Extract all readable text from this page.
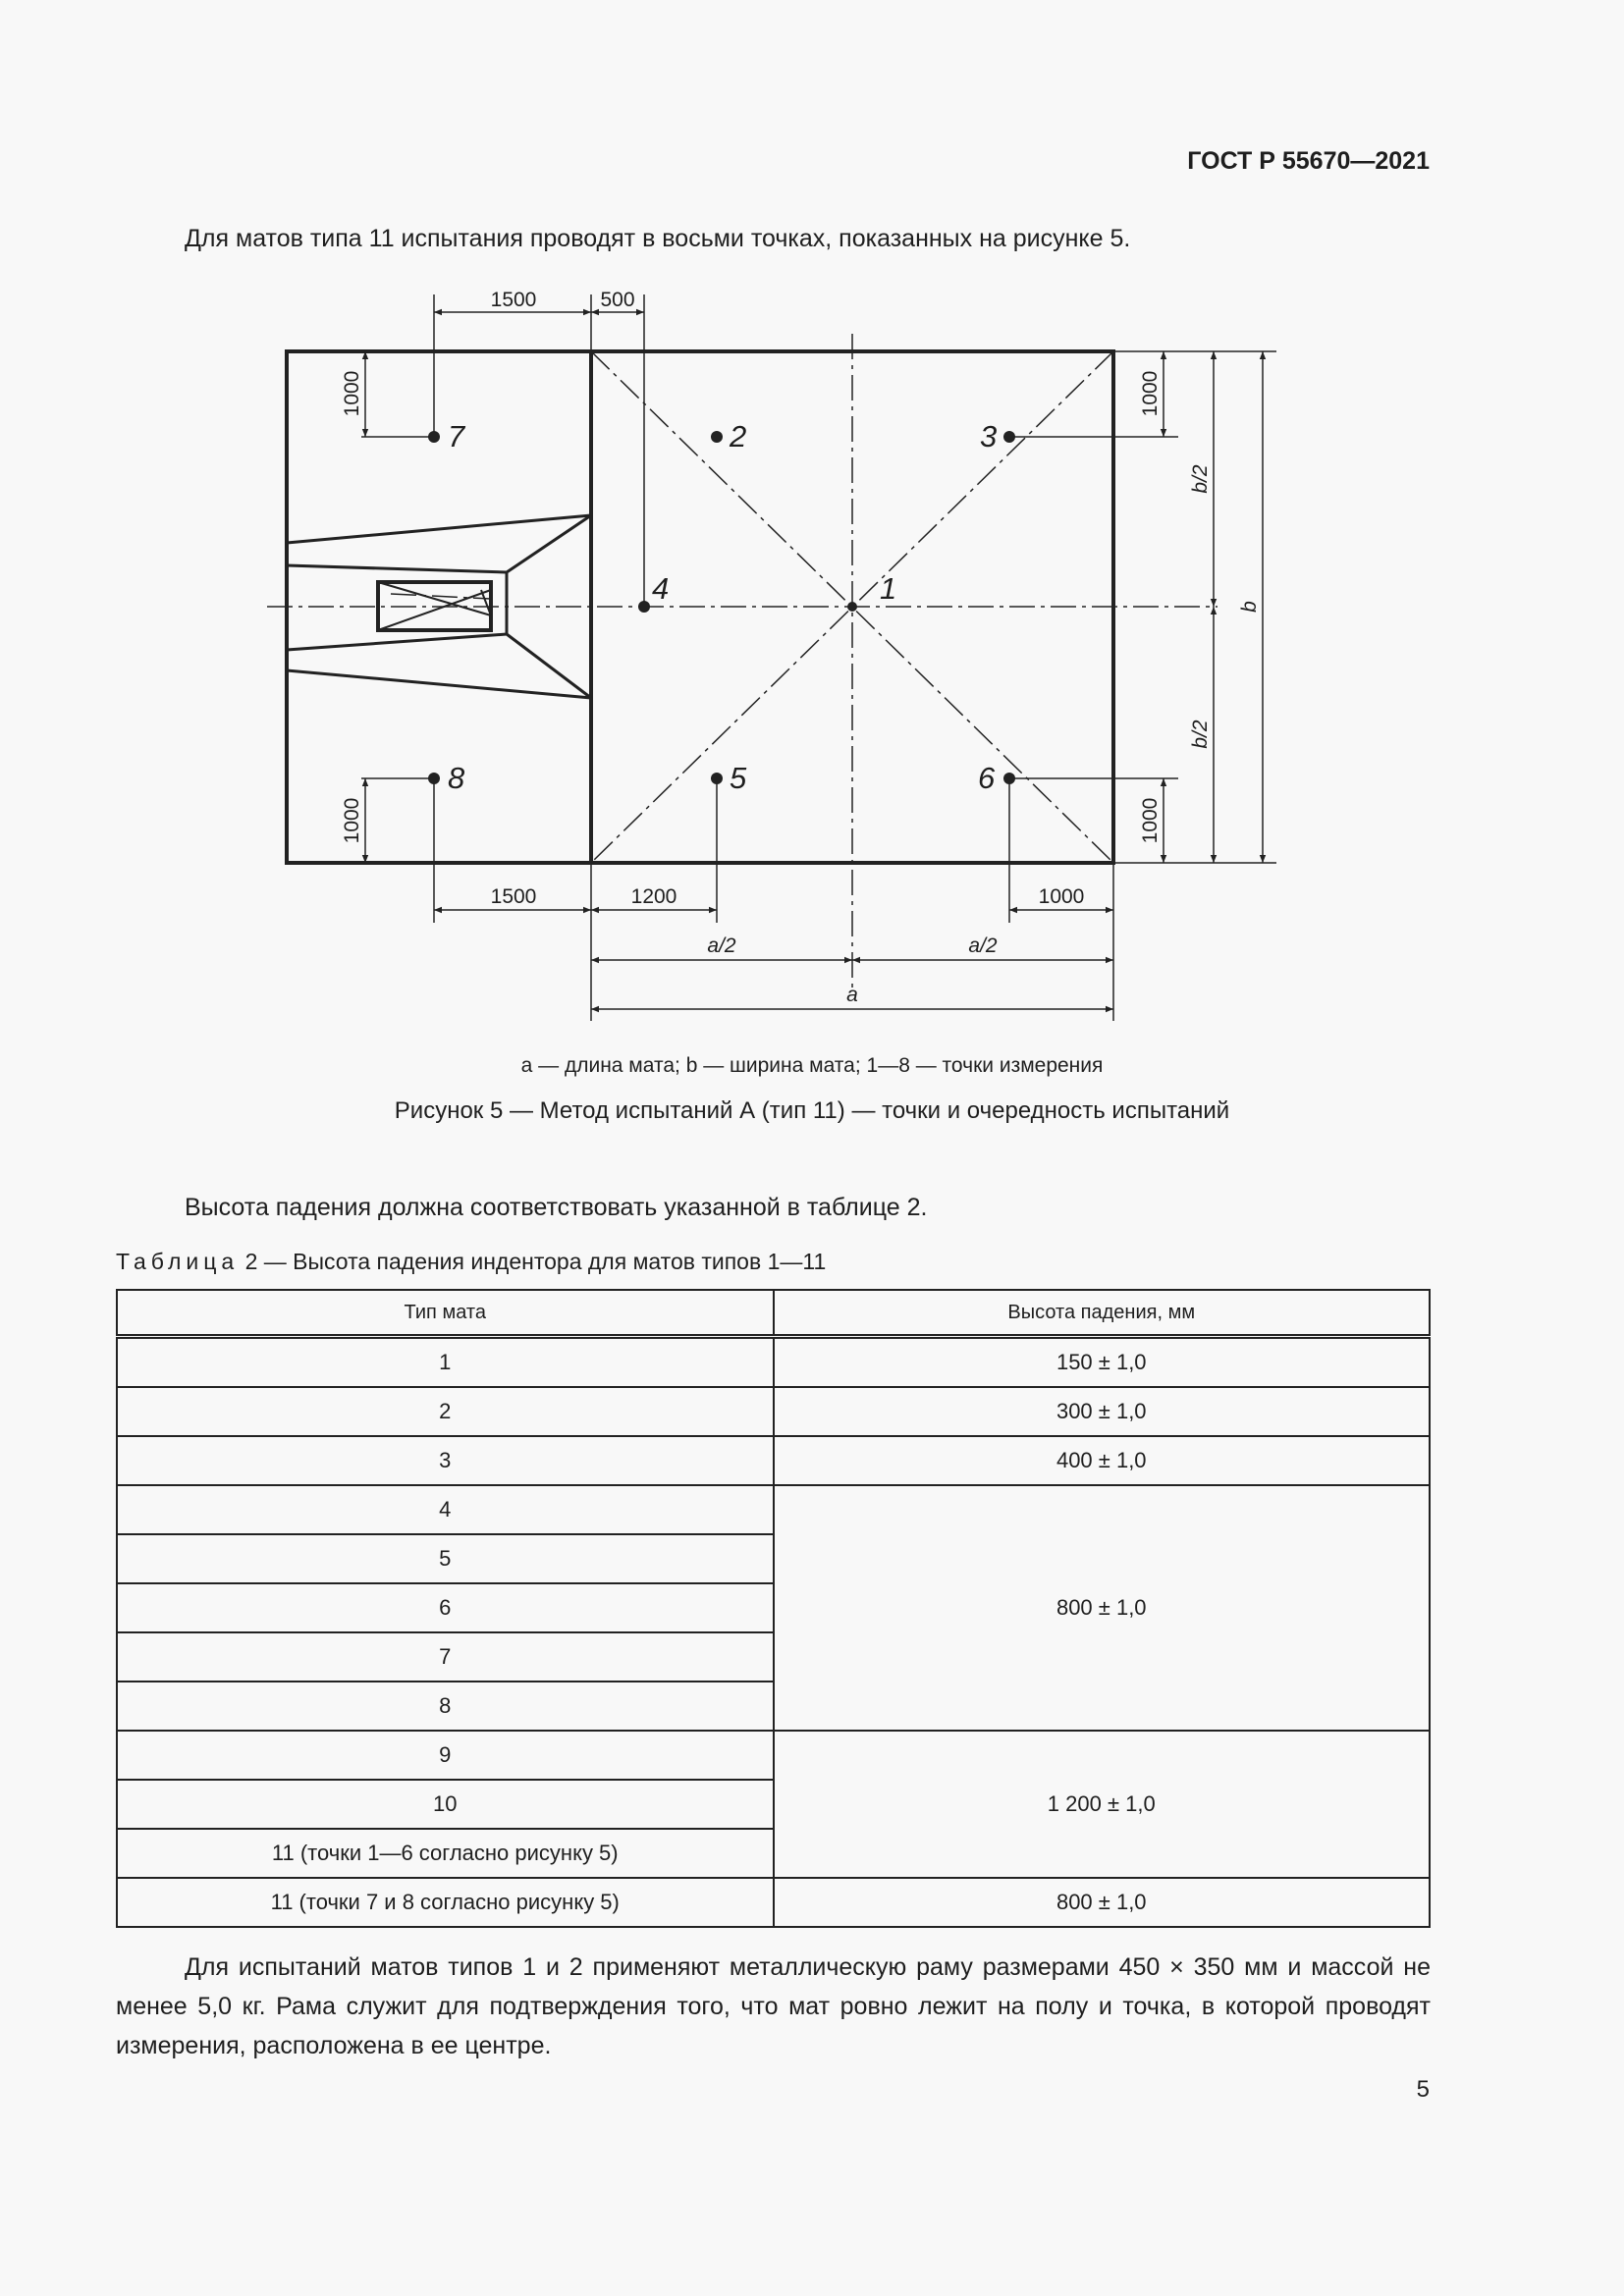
ГОСТ Р 55670—2021
Для матов типа 11 испытания проводят в восьми точках, показанных на рисунке 5.
1500	500
1000
1000
1000
1000
b/2
b/2
b
1500	1200	1000
a/2	a/2
a
1
2	3
4
5	6
7
8
a — длина мата; b — ширина мата; 1—8 — точки измерения
Рисунок 5 — Метод испытаний А (тип 11) — точки и очередность испытаний
Высота падения должна соответствовать указанной в таблице 2.
Таблица 2 — Высота падения индентора для матов типов 1—11
Тип мата	Высота падения, мм
1	150 ± 1,0
2	300 ± 1,0
3	400 ± 1,0
4	800 ± 1,0
5	
6	
7	
8	
9	1 200 ± 1,0
10	
11 (точки 1—6 согласно рисунку 5)	
11 (точки 7 и 8 согласно рисунку 5)	800 ± 1,0
Для испытаний матов типов 1 и 2 применяют металлическую раму размерами 450 × 350 мм и массой не менее 5,0 кг. Рама служит для подтверждения того, что мат ровно лежит на полу и точка, в которой проводят измерения, расположена в ее центре.
5
